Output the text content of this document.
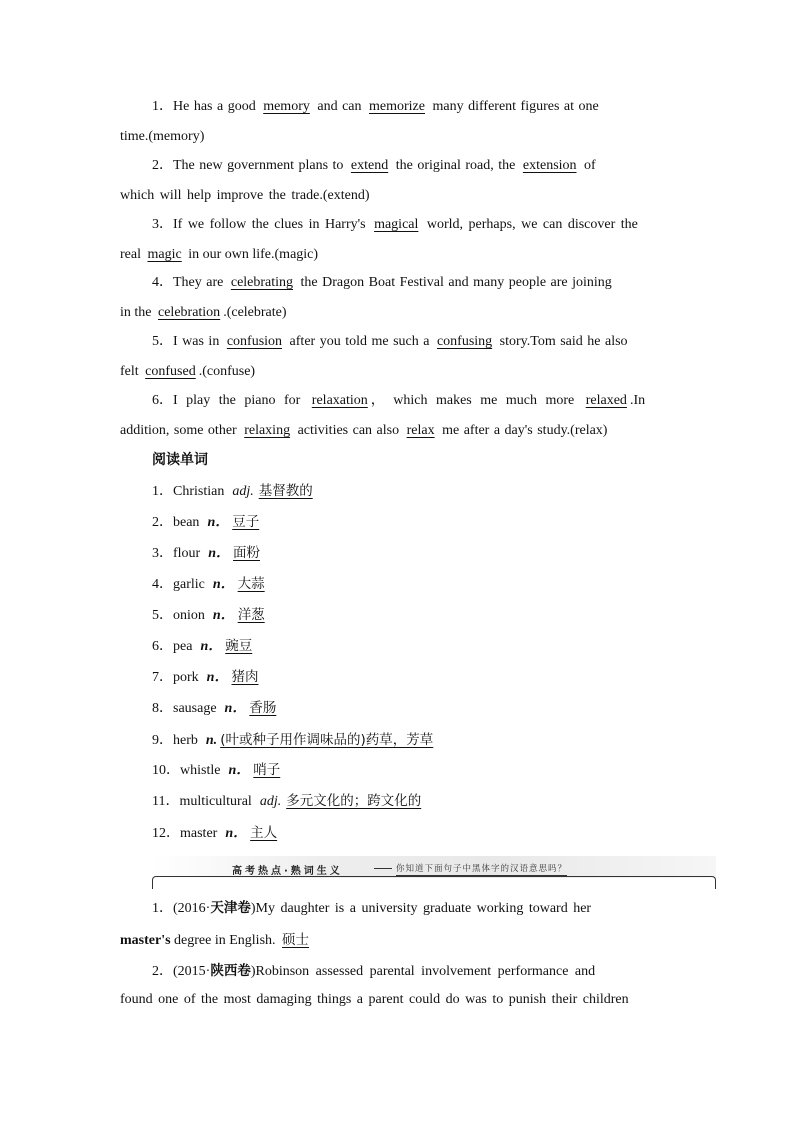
1．He has a good memory and can memorize many different figures at one
time.(memory)
2．The new government plans to extend the original road, the extension of
which will help improve the trade.(extend)
3．If we follow the clues in Harry's magical world, perhaps, we can discover the
real magic in our own life.(magic)
4．They are celebrating the Dragon Boat Festival and many people are joining
in the celebration .(celebrate)
5．I was in confusion after you told me such a confusing story.Tom said he also
felt confused .(confuse)
6．I play the piano for relaxation ， which makes me much more relaxed .In
addition, some other relaxing activities can also relax me after a day's study.(relax)
阅读单词
1．Christian adj. 基督教的
2．bean n． 豆子
3．flour n． 面粉
4．garlic n． 大蒜
5．onion n． 洋葱
6．pea n． 豌豆
7．pork n． 猪肉
8．sausage n． 香肠
9．herb n. (叶或种子用作调味品的)药草，芳草
10．whistle n． 哨子
11．multicultural adj. 多元文化的；跨文化的
12．master n． 主人
高考热点·熟词生义	你知道下面句子中黑体字的汉语意思吗？
1．(2016·天津卷)My daughter is a university graduate working toward her
master's degree in English. 硕士
2．(2015·陕西卷)Robinson assessed parental involvement performance and
found one of the most damaging things a parent could do was to punish their children
